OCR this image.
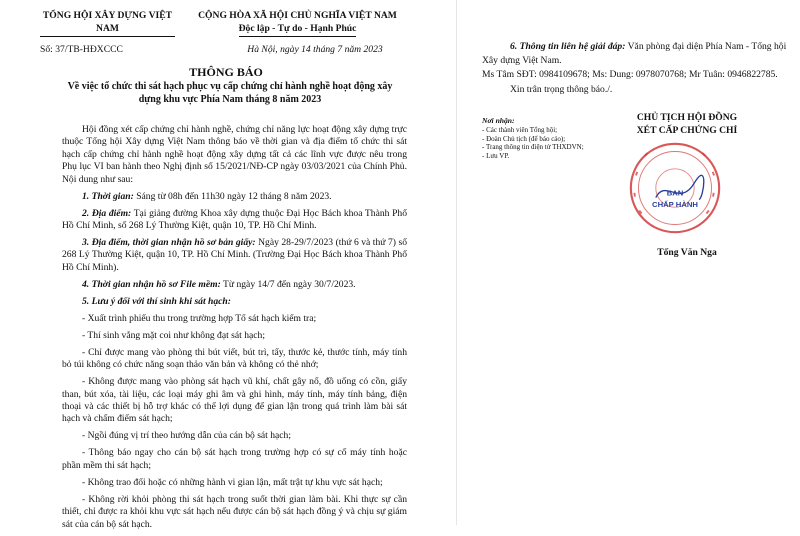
TỔNG HỘI XÂY DỰNG VIỆT NAM
CỘNG HÒA XÃ HỘI CHỦ NGHĨA VIỆT NAM
Độc lập - Tự do - Hạnh Phúc
Số: 37/TB-HĐXCCC	Hà Nội, ngày 14 tháng 7 năm 2023
THÔNG BÁO
Về việc tổ chức thi sát hạch phục vụ cấp chứng chỉ hành nghề hoạt động xây dựng khu vực Phía Nam tháng 8 năm 2023

Hội đồng xét cấp chứng chỉ hành nghề, chứng chỉ năng lực hoạt động xây dựng trực thuộc Tổng hội Xây dựng Việt Nam thông báo về thời gian và địa điểm tổ chức thi sát hạch cấp chứng chỉ hành nghề hoạt động xây dựng tất cả các lĩnh vực được nêu trong Phụ lục VI ban hành theo Nghị định số 15/2021/NĐ-CP ngày 03/03/2021 của Chính Phủ. Nội dung như sau:

1. Thời gian: Sáng từ 08h đến 11h30 ngày 12 tháng 8 năm 2023.

2. Địa điểm: Tại giảng đường Khoa xây dựng thuộc Đại Học Bách khoa Thành Phố Hồ Chí Minh, số 268 Lý Thường Kiệt, quận 10, TP. Hồ Chí Minh.

3. Địa điểm, thời gian nhận hồ sơ bản giấy: Ngày 28-29/7/2023 (thứ 6 và thứ 7) số 268 Lý Thường Kiệt, quận 10, TP. Hồ Chí Minh. (Trường Đại Học Bách khoa Thành Phố Hồ Chí Minh).

4. Thời gian nhận hồ sơ File mềm: Từ ngày 14/7 đến ngày 30/7/2023.

5. Lưu ý đối với thí sinh khi sát hạch:

- Xuất trình phiếu thu trong trường hợp Tổ sát hạch kiểm tra;

- Thí sinh vắng mặt coi như không đạt sát hạch;

- Chỉ được mang vào phòng thi bút viết, bút trì, tẩy, thước kẻ, thước tính, máy tính bỏ túi không có chức năng soạn thảo văn bản và không có thẻ nhớ;

- Không được mang vào phòng sát hạch vũ khí, chất gây nổ, đồ uống có cồn, giấy than, bút xóa, tài liệu, các loại máy ghi âm và ghi hình, máy tính, máy tính bảng, điện thoại và các thiết bị hỗ trợ khác có thể lợi dụng để gian lận trong quá trình làm bài sát hạch và chấm điểm sát hạch;

- Ngồi đúng vị trí theo hướng dẫn của cán bộ sát hạch;

- Thông báo ngay cho cán bộ sát hạch trong trường hợp có sự cố máy tính hoặc phần mềm thi sát hạch;

- Không trao đổi hoặc có những hành vi gian lận, mất trật tự khu vực sát hạch;

- Không rời khỏi phòng thi sát hạch trong suốt thời gian làm bài. Khi thực sự cần thiết, chỉ được ra khỏi khu vực sát hạch nếu được cán bộ sát hạch đồng ý và chịu sự giám sát của cán bộ sát hạch.

6. Thông tin liên hệ giải đáp: Văn phòng đại diện Phía Nam - Tổng hội Xây dựng Việt Nam.

Ms Tâm SĐT: 0984109678; Ms: Dung: 0978070768; Mr Tuân: 0946822785.

Xin trân trọng thông báo./.

Nơi nhận:
- Các thành viên Tổng hội;
- Đoàn Chủ tịch (để báo cáo);
- Trang thông tin điện tử THXDVN;
- Lưu VP.
CHỦ TỊCH HỘI ĐỒNG
XÉT CẤP CHỨNG CHỈ
BAN
CHẤP HÀNH
Tống Văn Nga
